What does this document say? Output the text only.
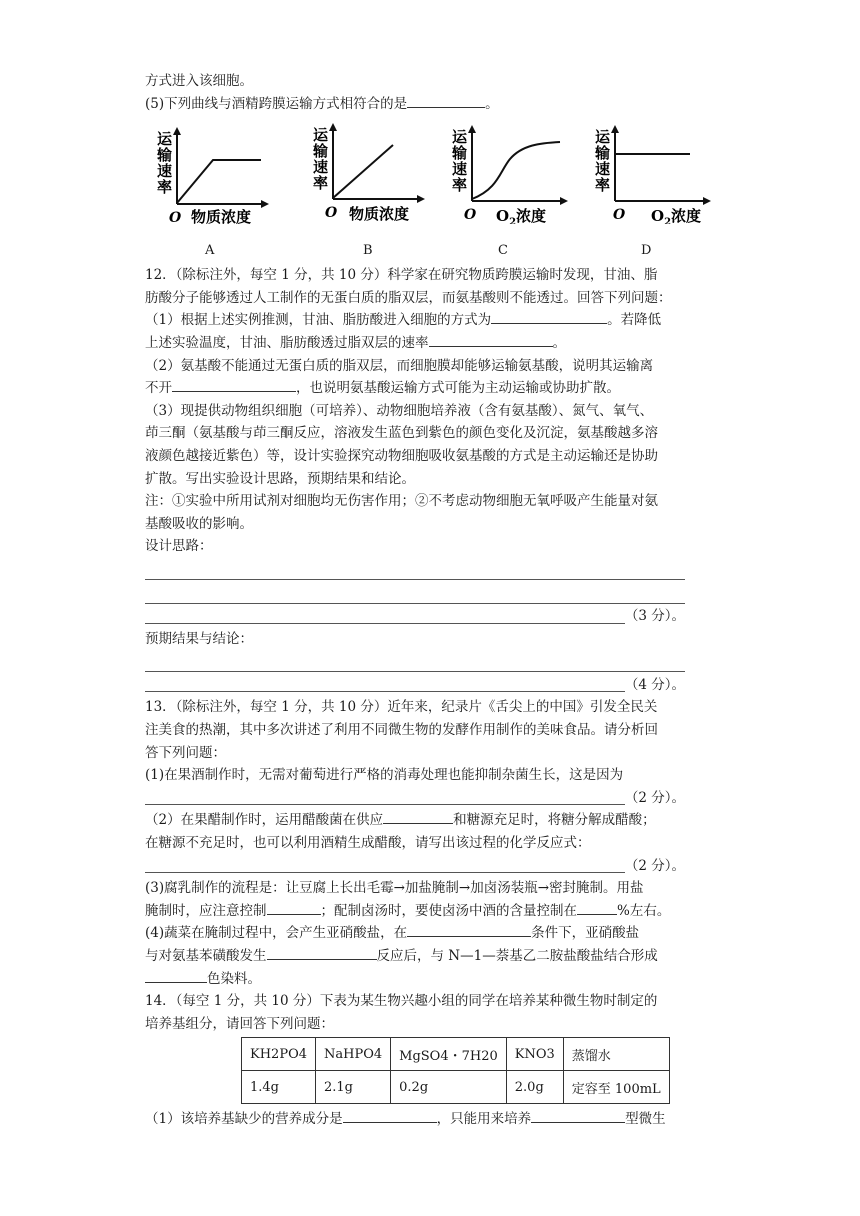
方式进入该细胞。
(5)下列曲线与酒精跨膜运输方式相符合的是	。
运
输
速
率
O 物质浓度
A
运
输
速
率
O 物质浓度
B
运
输
速
率
O $O_2$浓度
C
运
输
速
率
O $O_2$浓度
D
12．（除标注外，每空 1 分，共 10 分）科学家在研究物质跨膜运输时发现，甘油、脂
肪酸分子能够透过人工制作的无蛋白质的脂双层，而氨基酸则不能透过。回答下列问题：
（1）根据上述实例推测，甘油、脂肪酸进入细胞的方式为	。若降低
上述实验温度，甘油、脂肪酸透过脂双层的速率	。
（2）氨基酸不能通过无蛋白质的脂双层，而细胞膜却能够运输氨基酸，说明其运输离
不开	，也说明氨基酸运输方式可能为主动运输或协助扩散。
（3）现提供动物组织细胞（可培养）、动物细胞培养液（含有氨基酸）、氮气、氧气、
茚三酮（氨基酸与茚三酮反应，溶液发生蓝色到紫色的颜色变化及沉淀，氨基酸越多溶
液颜色越接近紫色）等，设计实验探究动物细胞吸收氨基酸的方式是主动运输还是协助
扩散。写出实验设计思路，预期结果和结论。
注：①实验中所用试剂对细胞均无伤害作用；②不考虑动物细胞无氧呼吸产生能量对氨
基酸吸收的影响。
设计思路：
（3 分）。
预期结果与结论：
（4 分）。
13．（除标注外，每空 1 分，共 10 分）近年来，纪录片《舌尖上的中国》引发全民关
注美食的热潮，其中多次讲述了利用不同微生物的发酵作用制作的美味食品。请分析回
答下列问题：
(1)在果酒制作时，无需对葡萄进行严格的消毒处理也能抑制杂菌生长，这是因为
（2 分）。
（2）在果醋制作时，运用醋酸菌在供应	和糖源充足时，将糖分解成醋酸；
在糖源不充足时，也可以利用酒精生成醋酸，请写出该过程的化学反应式：
（2 分）。
(3)腐乳制作的流程是：让豆腐上长出毛霉→加盐腌制→加卤汤装瓶→密封腌制。用盐
腌制时，应注意控制	；配制卤汤时，要使卤汤中酒的含量控制在	%左右。
(4)蔬菜在腌制过程中，会产生亚硝酸盐，在	条件下，亚硝酸盐
与对氨基苯磺酸发生	反应后，与 N—1—萘基乙二胺盐酸盐结合形成
色染料。
14．（每空 1 分，共 10 分）下表为某生物兴趣小组的同学在培养某种微生物时制定的
培养基组分，请回答下列问题：
KH2PO4	NaHPO4	MgSO4・7H20	KNO3	蒸馏水
1.4g	2.1g	0.2g	2.0g	定容至 100mL
（1）该培养基缺少的营养成分是	，只能用来培养	型微生
